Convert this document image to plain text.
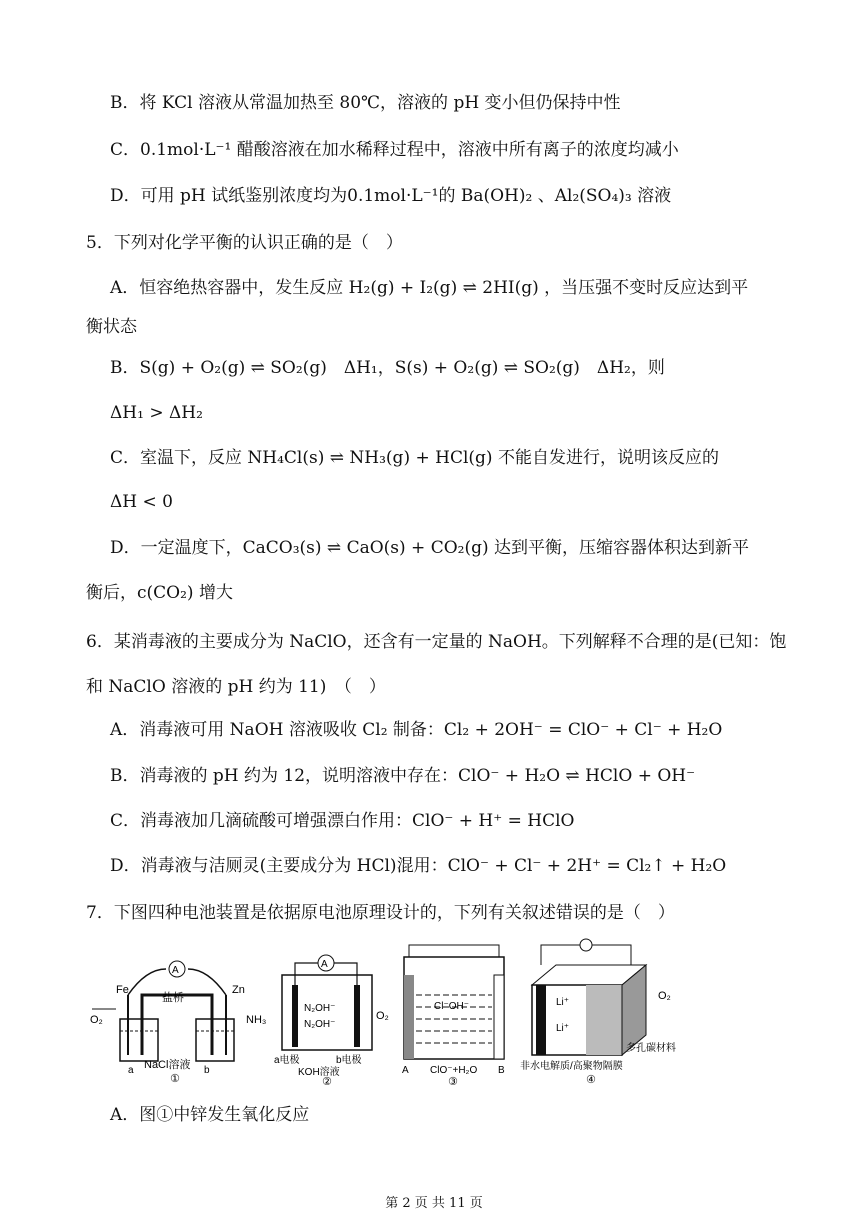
B．将 KCl 溶液从常温加热至 80℃，溶液的 pH 变小但仍保持中性
C．0.1mol·L⁻¹ 醋酸溶液在加水稀释过程中，溶液中所有离子的浓度均减小
D．可用 pH 试纸鉴别浓度均为0.1mol·L⁻¹的 Ba(OH)₂ 、Al₂(SO₄)₃ 溶液
5．下列对化学平衡的认识正确的是（　）
A．恒容绝热容器中，发生反应 H₂(g) + I₂(g) ⇌ 2HI(g) ，当压强不变时反应达到平
衡状态
B．S(g) + O₂(g) ⇌ SO₂(g)　ΔH₁，S(s) + O₂(g) ⇌ SO₂(g)　ΔH₂，则
ΔH₁ > ΔH₂
C．室温下，反应 NH₄Cl(s) ⇌ NH₃(g) + HCl(g) 不能自发进行，说明该反应的
ΔH < 0
D．一定温度下，CaCO₃(s) ⇌ CaO(s) + CO₂(g) 达到平衡，压缩容器体积达到新平
衡后，c(CO₂) 增大
6．某消毒液的主要成分为 NaClO，还含有一定量的 NaOH。下列解释不合理的是(已知：饱
和 NaClO 溶液的 pH 约为 11)　（　）
A．消毒液可用 NaOH 溶液吸收 Cl₂ 制备：Cl₂ + 2OH⁻ = ClO⁻ + Cl⁻ + H₂O
B．消毒液的 pH 约为 12，说明溶液中存在：ClO⁻ + H₂O ⇌ HClO + OH⁻
C．消毒液加几滴硫酸可增强漂白作用：ClO⁻ + H⁺ = HClO
D．消毒液与洁厕灵(主要成分为 HCl)混用：ClO⁻ + Cl⁻ + 2H⁺ = Cl₂↑ + H₂O
7．下图四种电池装置是依据原电池原理设计的，下列有关叙述错误的是（　）
A
Fe	Zn
盐桥
O₂
a	b
NaCl溶液
①
A
NH₃
N₂OH⁻
N₂OH⁻
O₂
a电极	b电极
KOH溶液
②
Cl⁻OH⁻
A	B
ClO⁻+H₂O
③
Li⁺
Li⁺
O₂
多孔碳材料
非水电解质/高聚物隔膜
④
A．图①中锌发生氧化反应
第 2 页 共 11 页
